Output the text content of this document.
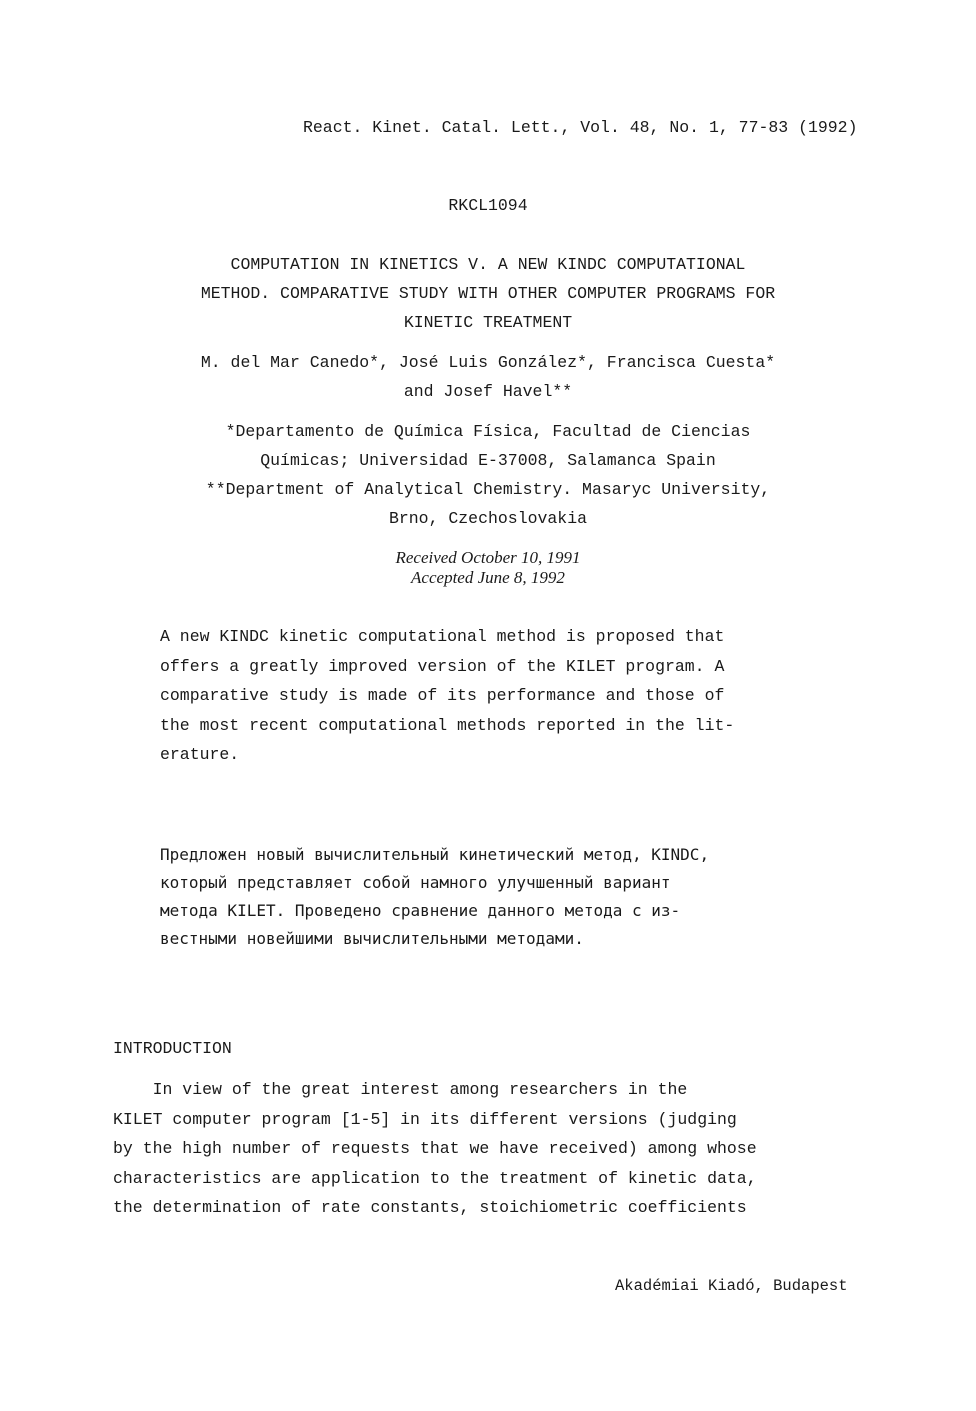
React. Kinet. Catal. Lett., Vol. 48, No. 1, 77-83 (1992)
RKCL1094
COMPUTATION IN KINETICS V. A NEW KINDC COMPUTATIONAL
METHOD. COMPARATIVE STUDY WITH OTHER COMPUTER PROGRAMS FOR
KINETIC TREATMENT
M. del Mar Canedo*, José Luis González*, Francisca Cuesta*
and Josef Havel**
*Departamento de Química Física, Facultad de Ciencias
Químicas; Universidad E-37008, Salamanca Spain
**Department of Analytical Chemistry. Masaryc University,
Brno, Czechoslovakia
Received October 10, 1991
Accepted June 8, 1992
A new KINDC kinetic computational method is proposed that
offers a greatly improved version of the KILET program. A
comparative study is made of its performance and those of
the most recent computational methods reported in the lit-
erature.
Предложен новый вычислительный кинетический метод, KINDC,
который представляет собой намного улучшенный вариант
метода KILET. Проведено сравнение данного метода с из-
вестными новейшими вычислительными методами.
INTRODUCTION
In view of the great interest among researchers in the
KILET computer program [1-5] in its different versions (judging
by the high number of requests that we have received) among whose
characteristics are application to the treatment of kinetic data,
the determination of rate constants, stoichiometric coefficients
Akadémiai Kiadó, Budapest
